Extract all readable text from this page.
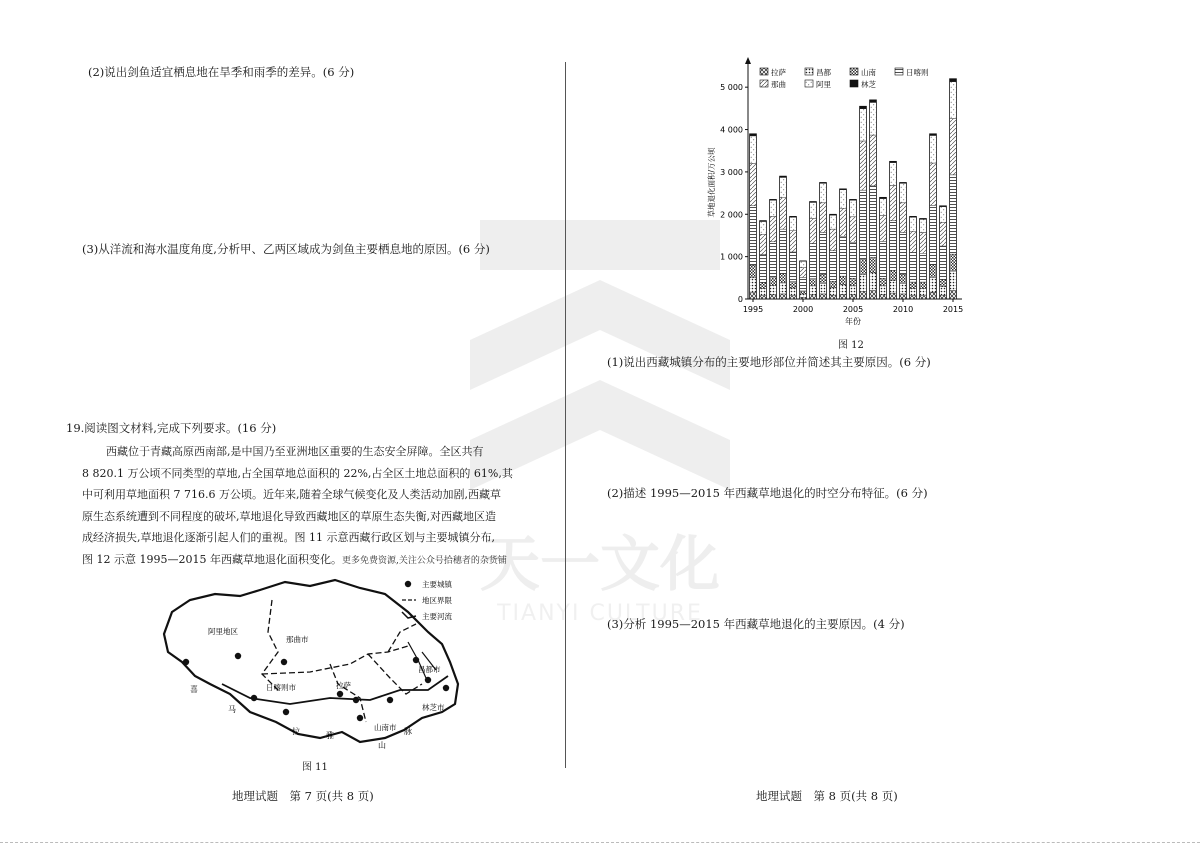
天一文化
TIANYI CULTURE
(2)说出剑鱼适宜栖息地在旱季和雨季的差异。(6 分)
(3)从洋流和海水温度角度,分析甲、乙两区域成为剑鱼主要栖息地的原因。(6 分)
19.阅读图文材料,完成下列要求。(16 分)
西藏位于青藏高原西南部,是中国乃至亚洲地区重要的生态安全屏障。全区共有
8 820.1 万公顷不同类型的草地,占全国草地总面积的 22%,占全区土地总面积的 61%,其
中可利用草地面积 7 716.6 万公顷。近年来,随着全球气候变化及人类活动加剧,西藏草
原生态系统遭到不同程度的破坏,草地退化导致西藏地区的草原生态失衡,对西藏地区造
成经济损失,草地退化逐渐引起人们的重视。图 11 示意西藏行政区划与主要城镇分布,
图 12 示意 1995—2015 年西藏草地退化面积变化。更多免费资源,关注公众号拾穗者的杂货铺
主要城镇
地区界限
主要河流
阿里地区
那曲市
日喀则市	拉萨
山南市
林芝市
昌都市
喜
马
拉	雅
山
脉
图 11
地理试题　第 7 页(共 8 页)
0
1 000
2 000
3 000
4 000
5 000
草地退化面积/万公顷
1995	2000	2005	2010	2015
年份
拉萨	昌都	山南	日喀则
那曲	阿里	林芝
图 12
(1)说出西藏城镇分布的主要地形部位并简述其主要原因。(6 分)
(2)描述 1995—2015 年西藏草地退化的时空分布特征。(6 分)
(3)分析 1995—2015 年西藏草地退化的主要原因。(4 分)
地理试题　第 8 页(共 8 页)
